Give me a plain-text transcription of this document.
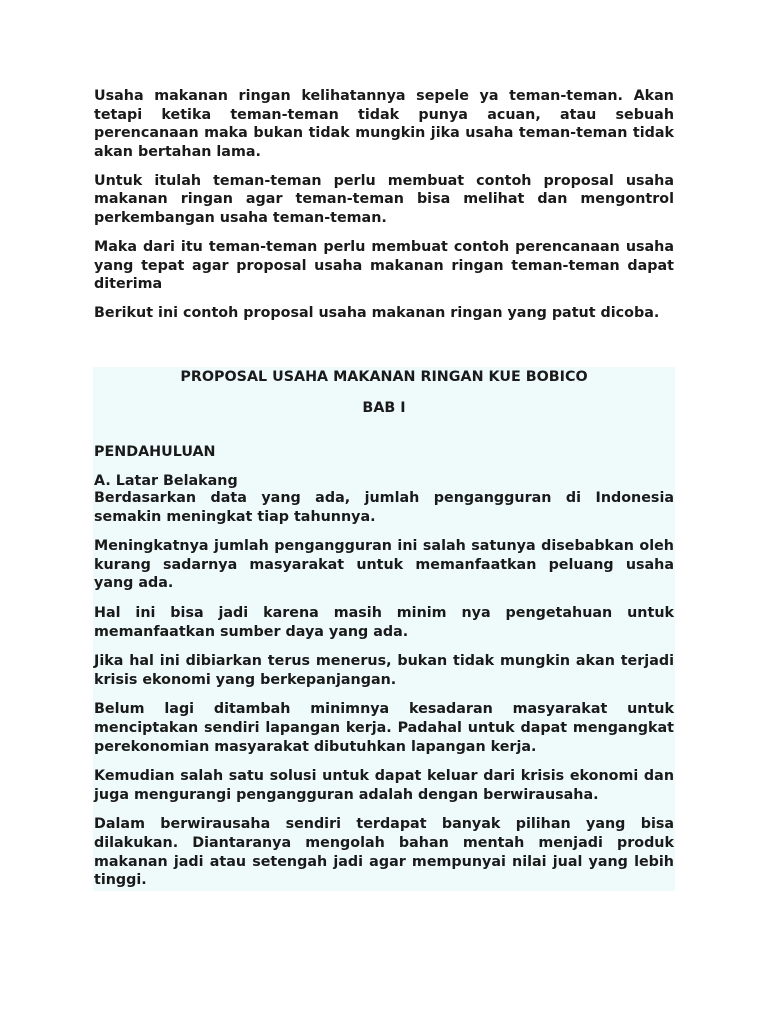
Usaha makanan ringan kelihatannya sepele ya teman-teman. Akan tetapi ketika teman-teman tidak punya acuan, atau sebuah perencanaan maka bukan tidak mungkin jika usaha teman-teman tidak akan bertahan lama.

Untuk itulah teman-teman perlu membuat contoh proposal usaha makanan ringan agar teman-teman bisa melihat dan mengontrol perkembangan usaha teman-teman.

Maka dari itu teman-teman perlu membuat contoh perencanaan usaha yang tepat agar proposal usaha makanan ringan teman-teman dapat diterima

Berikut ini contoh proposal usaha makanan ringan yang patut dicoba.

PROPOSAL USAHA MAKANAN RINGAN KUE BOBICO

BAB I

PENDAHULUAN

A. Latar Belakang

Berdasarkan data yang ada, jumlah pengangguran di Indonesia semakin meningkat tiap tahunnya.

Meningkatnya jumlah pengangguran ini salah satunya disebabkan oleh kurang sadarnya masyarakat untuk memanfaatkan peluang usaha yang ada.

Hal ini bisa jadi karena masih minim nya pengetahuan untuk memanfaatkan sumber daya yang ada.

Jika hal ini dibiarkan terus menerus, bukan tidak mungkin akan terjadi krisis ekonomi yang berkepanjangan.

Belum lagi ditambah minimnya kesadaran masyarakat untuk menciptakan sendiri lapangan kerja. Padahal untuk dapat mengangkat perekonomian masyarakat dibutuhkan lapangan kerja.

Kemudian salah satu solusi untuk dapat keluar dari krisis ekonomi dan juga mengurangi pengangguran adalah dengan berwirausaha.

Dalam berwirausaha sendiri terdapat banyak pilihan yang bisa dilakukan. Diantaranya mengolah bahan mentah menjadi produk makanan jadi atau setengah jadi agar mempunyai nilai jual yang lebih tinggi.
